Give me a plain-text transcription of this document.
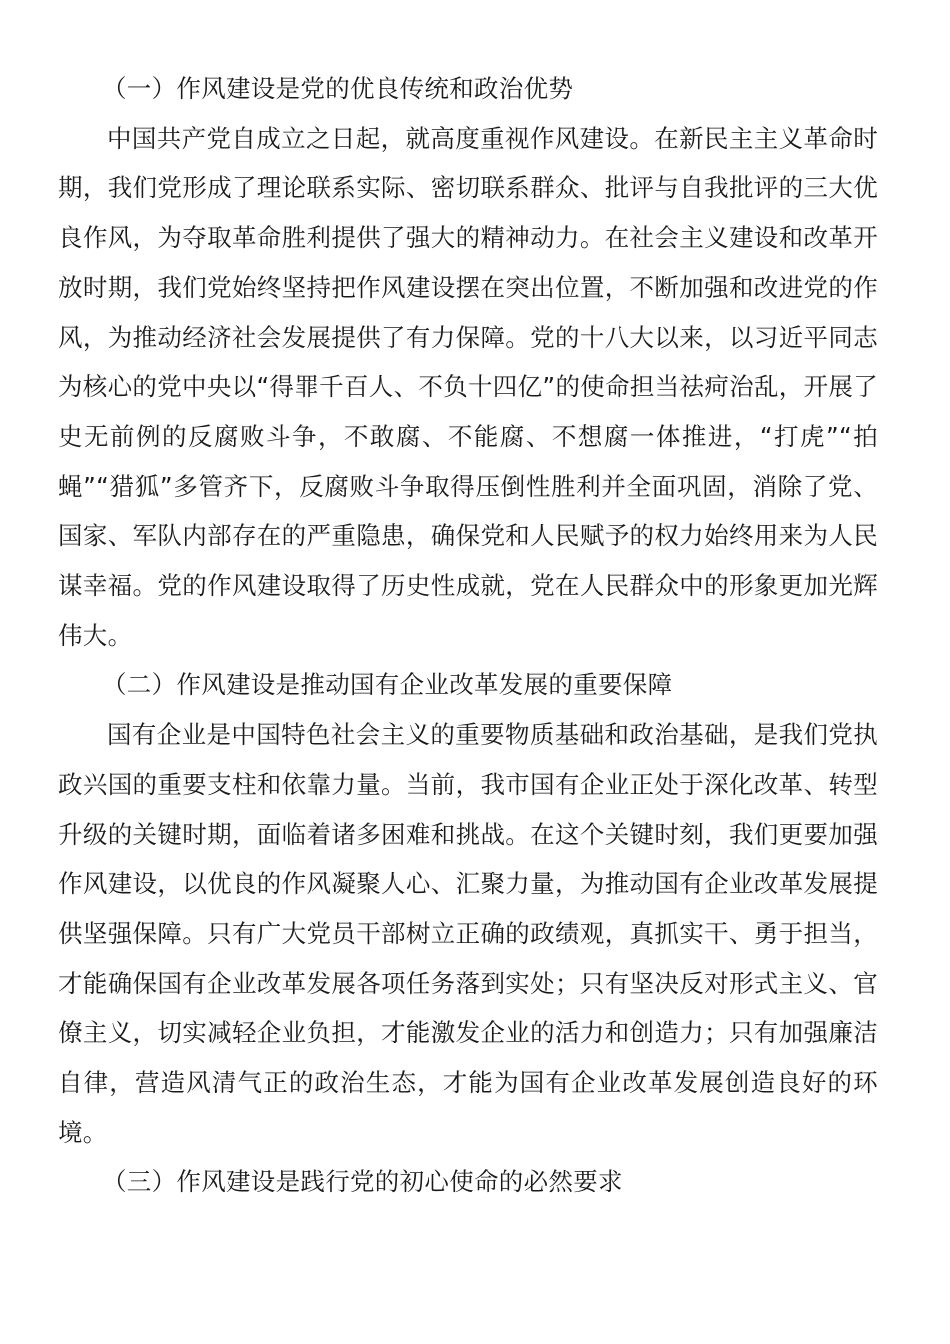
（一）作风建设是党的优良传统和政治优势

中国共产党自成立之日起，就高度重视作风建设。在新民主主义革命时期，我们党形成了理论联系实际、密切联系群众、批评与自我批评的三大优良作风，为夺取革命胜利提供了强大的精神动力。在社会主义建设和改革开放时期，我们党始终坚持把作风建设摆在突出位置，不断加强和改进党的作风，为推动经济社会发展提供了有力保障。党的十八大以来，以习近平同志为核心的党中央以“得罪千百人、不负十四亿”的使命担当祛疴治乱，开展了史无前例的反腐败斗争，不敢腐、不能腐、不想腐一体推进，“打虎”“拍蝇”“猎狐”多管齐下，反腐败斗争取得压倒性胜利并全面巩固，消除了党、国家、军队内部存在的严重隐患，确保党和人民赋予的权力始终用来为人民谋幸福。党的作风建设取得了历史性成就，党在人民群众中的形象更加光辉伟大。

（二）作风建设是推动国有企业改革发展的重要保障

国有企业是中国特色社会主义的重要物质基础和政治基础，是我们党执政兴国的重要支柱和依靠力量。当前，我市国有企业正处于深化改革、转型升级的关键时期，面临着诸多困难和挑战。在这个关键时刻，我们更要加强作风建设，以优良的作风凝聚人心、汇聚力量，为推动国有企业改革发展提供坚强保障。只有广大党员干部树立正确的政绩观，真抓实干、勇于担当，才能确保国有企业改革发展各项任务落到实处；只有坚决反对形式主义、官僚主义，切实减轻企业负担，才能激发企业的活力和创造力；只有加强廉洁自律，营造风清气正的政治生态，才能为国有企业改革发展创造良好的环境。

（三）作风建设是践行党的初心使命的必然要求
